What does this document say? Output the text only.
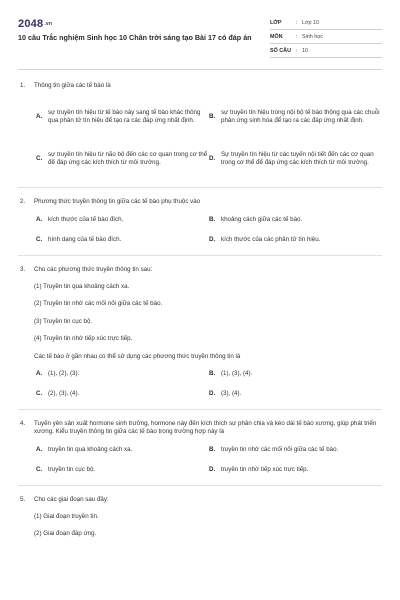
2048.vn
10 câu Trắc nghiệm Sinh học 10 Chân trời sáng tạo Bài 17 có đáp án
LỚP	: Lớp 10
MÔN : Sinh học
SỐ CÂU : 10
1. Thông tin giữa các tế bào là
A.
sự truyền tín hiệu từ tế bào này sang tế bào khác thông qua phân tử tín hiệu để tạo ra các đáp ứng nhất định.
B.
sự truyền tín hiệu trong nội bộ tế bào thông qua các chuỗi phản ứng sinh hóa để tạo ra các đáp ứng nhất định.
C.
sự truyền tín hiệu từ não bộ đến các cơ quan trong cơ thể để đáp ứng các kích thích từ môi trường.
D.
Sự truyền tín hiệu từ các tuyến nội tiết đến các cơ quan trong cơ thể để đáp ứng các kích thích từ môi trường.
2. Phương thức truyền thông tin giữa các tế bào phụ thuộc vào
A. kích thước của tế bào đích.	B. khoảng cách giữa các tế bào.
C. hình dạng của tế bào đích.	D. kích thước của các phân tử tín hiệu.
3. Cho các phương thức truyền thông tin sau:
(1) Truyền tin qua khoảng cách xa.
(2) Truyền tin nhờ các mối nối giữa các tế bào.
(3) Truyền tin cục bộ.
(4) Truyền tin nhờ tiếp xúc trực tiếp.
Các tế bào ở gần nhau có thể sử dụng các phương thức truyền thông tin là
A. (1), (2), (3).	B. (1), (3), (4).
C. (2), (3), (4).	D. (3), (4).
4. Tuyến yên sản xuất hormone sinh trưởng, hormone này đến kích thích sự phân chia và kéo dài tế bào xương, giúp phát triển xương. Kiểu truyền thông tin giữa các tế bào trong trường hợp này là
A. truyền tin qua khoảng cách xa.	B. truyền tin nhờ các mối nối giữa các tế bào.
C. truyền tin cục bộ.	D. truyền tin nhờ tiếp xúc trực tiếp.
5. Cho các giai đoạn sau đây:
(1) Giai đoạn truyền tin.
(2) Giai đoạn đáp ứng.
